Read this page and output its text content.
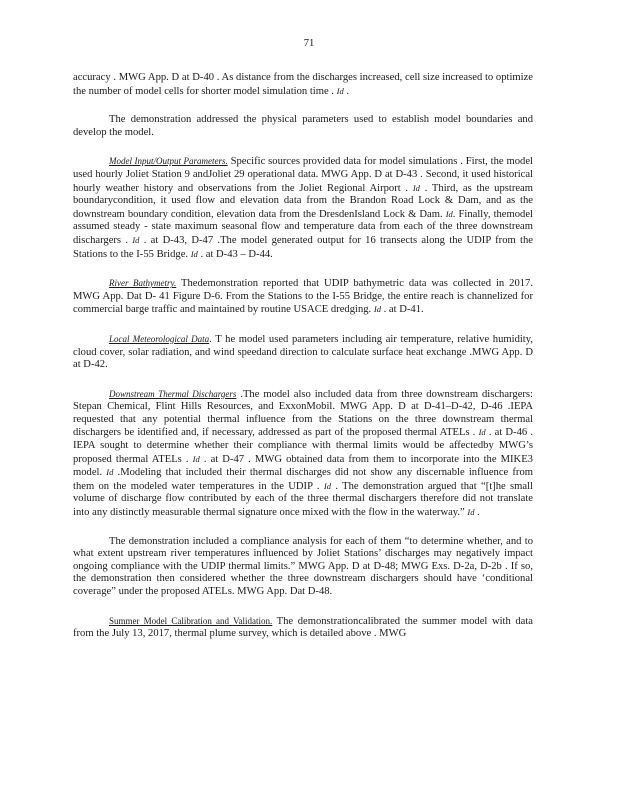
71

accuracy . MWG App. D at D-40 . As distance from the discharges increased, cell size increased to optimize the number of model cells for shorter model simulation time . Id .

The demonstration addressed the physical parameters used to establish model boundaries and develop the model.

Model Input/Output Parameters. Specific sources provided data for model simulations . First, the model used hourly Joliet Station 9 andJoliet 29 operational data. MWG App. D at D-43 . Second, it used historical hourly weather history and observations from the Joliet Regional Airport . Id . Third, as the upstream boundarycondition, it used flow and elevation data from the Brandon Road Lock & Dam, and as the downstream boundary condition, elevation data from the DresdenIsland Lock & Dam. Id. Finally, themodel assumed steady - state maximum seasonal flow and temperature data from each of the three downstream dischargers . Id . at D-43, D-47 .The model generated output for 16 transects along the UDIP from the Stations to the I-55 Bridge. Id . at D-43 – D-44.

River Bathymetry. Thedemonstration reported that UDIP bathymetric data was collected in 2017. MWG App. Dat D- 41 Figure D-6. From the Stations to the I-55 Bridge, the entire reach is channelized for commercial barge traffic and maintained by routine USACE dredging. Id . at D-41.

Local Meteorological Data. T he model used parameters including air temperature, relative humidity, cloud cover, solar radiation, and wind speedand direction to calculate surface heat exchange .MWG App. D at D-42.

Downstream Thermal Dischargers .The model also included data from three downstream dischargers: Stepan Chemical, Flint Hills Resources, and ExxonMobil. MWG App. D at D-41–D-42, D-46 .IEPA requested that any potential thermal influence from the Stations on the three downstream thermal dischargers be identified and, if necessary, addressed as part of the proposed thermal ATELs . Id . at D-46 . IEPA sought to determine whether their compliance with thermal limits would be affectedby MWG’s proposed thermal ATELs . Id . at D-47 . MWG obtained data from them to incorporate into the MIKE3 model. Id .Modeling that included their thermal discharges did not show any discernable influence from them on the modeled water temperatures in the UDIP . Id . The demonstration argued that “[t]he small volume of discharge flow contributed by each of the three thermal dischargers therefore did not translate into any distinctly measurable thermal signature once mixed with the flow in the waterway.” Id .

The demonstration included a compliance analysis for each of them “to determine whether, and to what extent upstream river temperatures influenced by Joliet Stations’ discharges may negatively impact ongoing compliance with the UDIP thermal limits.” MWG App. D at D-48; MWG Exs. D-2a, D-2b . If so, the demonstration then considered whether the three downstream dischargers should have ‘conditional coverage” under the proposed ATELs. MWG App. Dat D-48.

Summer Model Calibration and Validation. The demonstrationcalibrated the summer model with data from the July 13, 2017, thermal plume survey, which is detailed above . MWG
